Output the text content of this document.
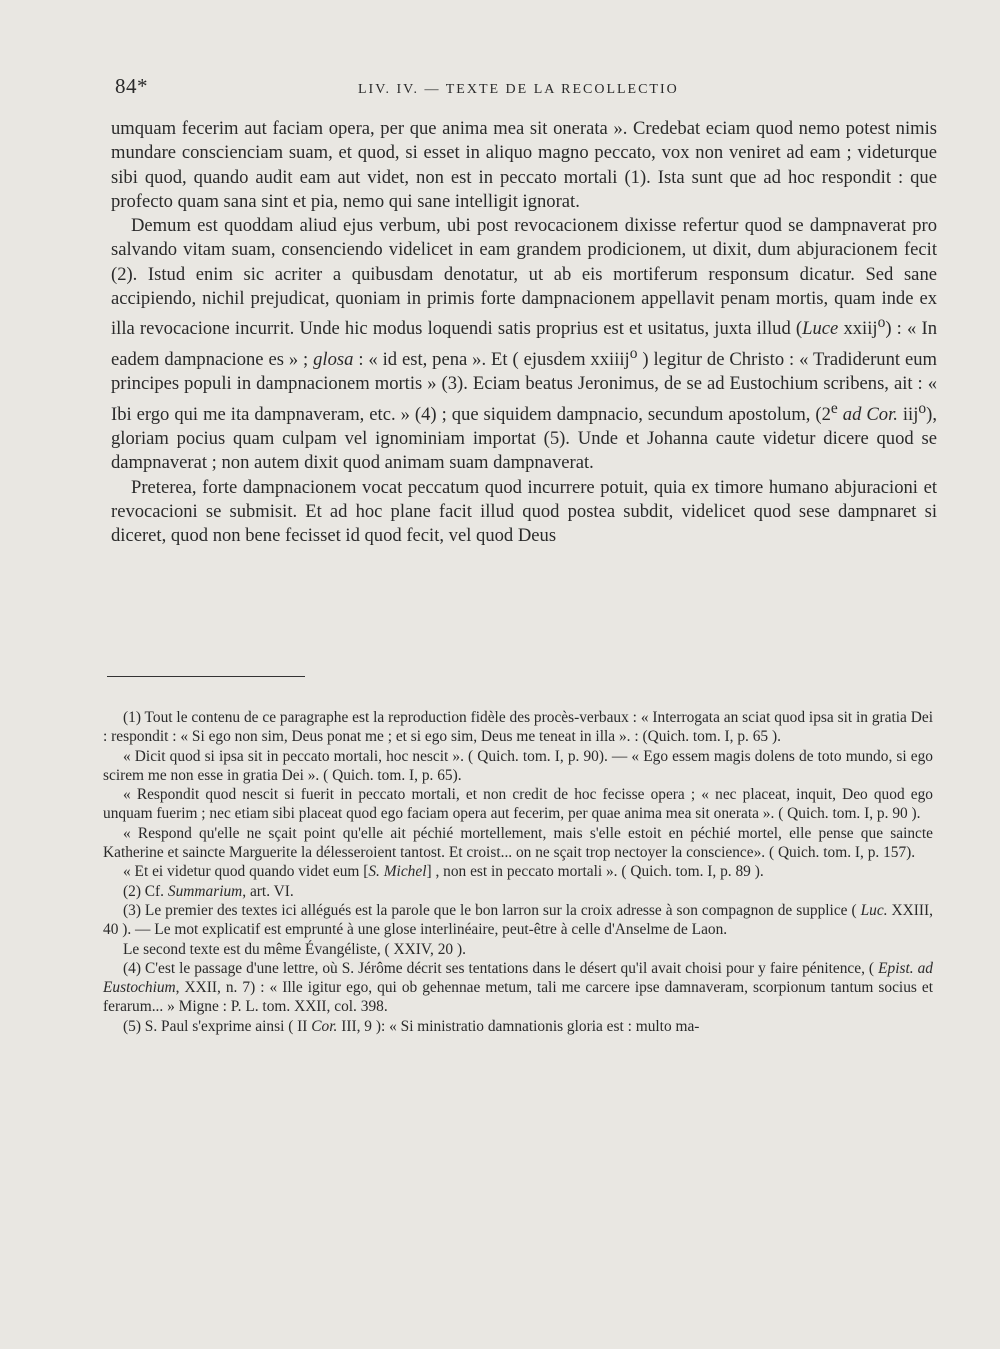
84*	LIV. IV. — TEXTE DE LA RECOLLECTIO

umquam fecerim aut faciam opera, per que anima mea sit onerata ». Credebat eciam quod nemo potest nimis mundare conscienciam suam, et quod, si esset in aliquo magno peccato, vox non veniret ad eam ; videturque sibi quod, quando audit eam aut videt, non est in peccato mortali (1). Ista sunt que ad hoc respondit : que profecto quam sana sint et pia, nemo qui sane intelligit ignorat.

Demum est quoddam aliud ejus verbum, ubi post revocacionem dixisse refertur quod se dampnaverat pro salvando vitam suam, consenciendo videlicet in eam grandem prodicionem, ut dixit, dum abjuracionem fecit (2). Istud enim sic acriter a quibusdam denotatur, ut ab eis mortiferum responsum dicatur. Sed sane accipiendo, nichil prejudicat, quoniam in primis forte dampnacionem appellavit penam mortis, quam inde ex illa revocacione incurrit. Unde hic modus loquendi satis proprius est et usitatus, juxta illud (Luce xxiij$^o$) : « In eadem dampnacione es » ; glosa : « id est, pena ». Et ( ejusdem xxiiij$^o$ ) legitur de Christo : « Tradiderunt eum principes populi in dampnacionem mortis » (3). Eciam beatus Jeronimus, de se ad Eustochium scribens, ait : « Ibi ergo qui me ita dampnaveram, etc. » (4) ; que siquidem dampnacio, secundum apostolum, (2e ad Cor. iij$^o$), gloriam pocius quam culpam vel ignominiam importat (5). Unde et Johanna caute videtur dicere quod se dampnaverat ; non autem dixit quod animam suam dampnaverat.

Preterea, forte dampnacionem vocat peccatum quod incurrere potuit, quia ex timore humano abjuracioni et revocacioni se submisit. Et ad hoc plane facit illud quod postea subdit, videlicet quod sese dampnaret si diceret, quod non bene fecisset id quod fecit, vel quod Deus

(1) Tout le contenu de ce paragraphe est la reproduction fidèle des procès-verbaux : « Interrogata an sciat quod ipsa sit in gratia Dei : respondit : « Si ego non sim, Deus ponat me ; et si ego sim, Deus me teneat in illa ». : (Quich. tom. I, p. 65 ).

« Dicit quod si ipsa sit in peccato mortali, hoc nescit ». ( Quich. tom. I, p. 90). — « Ego essem magis dolens de toto mundo, si ego scirem me non esse in gratia Dei ». ( Quich. tom. I, p. 65).

« Respondit quod nescit si fuerit in peccato mortali, et non credit de hoc fecisse opera ; « nec placeat, inquit, Deo quod ego unquam fuerim ; nec etiam sibi placeat quod ego faciam opera aut fecerim, per quae anima mea sit onerata ». ( Quich. tom. I, p. 90 ).

« Respond qu'elle ne sçait point qu'elle ait péchié mortellement, mais s'elle estoit en péchié mortel, elle pense que saincte Katherine et saincte Marguerite la délesseroient tantost. Et croist... on ne sçait trop nectoyer la conscience». ( Quich. tom. I, p. 157).

« Et ei videtur quod quando videt eum [S. Michel] , non est in peccato mortali ». ( Quich. tom. I, p. 89 ).

(2) Cf. Summarium, art. VI.

(3) Le premier des textes ici allégués est la parole que le bon larron sur la croix adresse à son compagnon de supplice ( Luc. XXIII, 40 ). — Le mot explicatif est emprunté à une glose interlinéaire, peut-être à celle d'Anselme de Laon.

Le second texte est du même Évangéliste, ( XXIV, 20 ).

(4) C'est le passage d'une lettre, où S. Jérôme décrit ses tentations dans le désert qu'il avait choisi pour y faire pénitence, ( Epist. ad Eustochium, XXII, n. 7) : « Ille igitur ego, qui ob gehennae metum, tali me carcere ipse damnaveram, scorpionum tantum socius et ferarum... » Migne : P. L. tom. XXII, col. 398.

(5) S. Paul s'exprime ainsi ( II Cor. III, 9 ): « Si ministratio damnationis gloria est : multo ma-
